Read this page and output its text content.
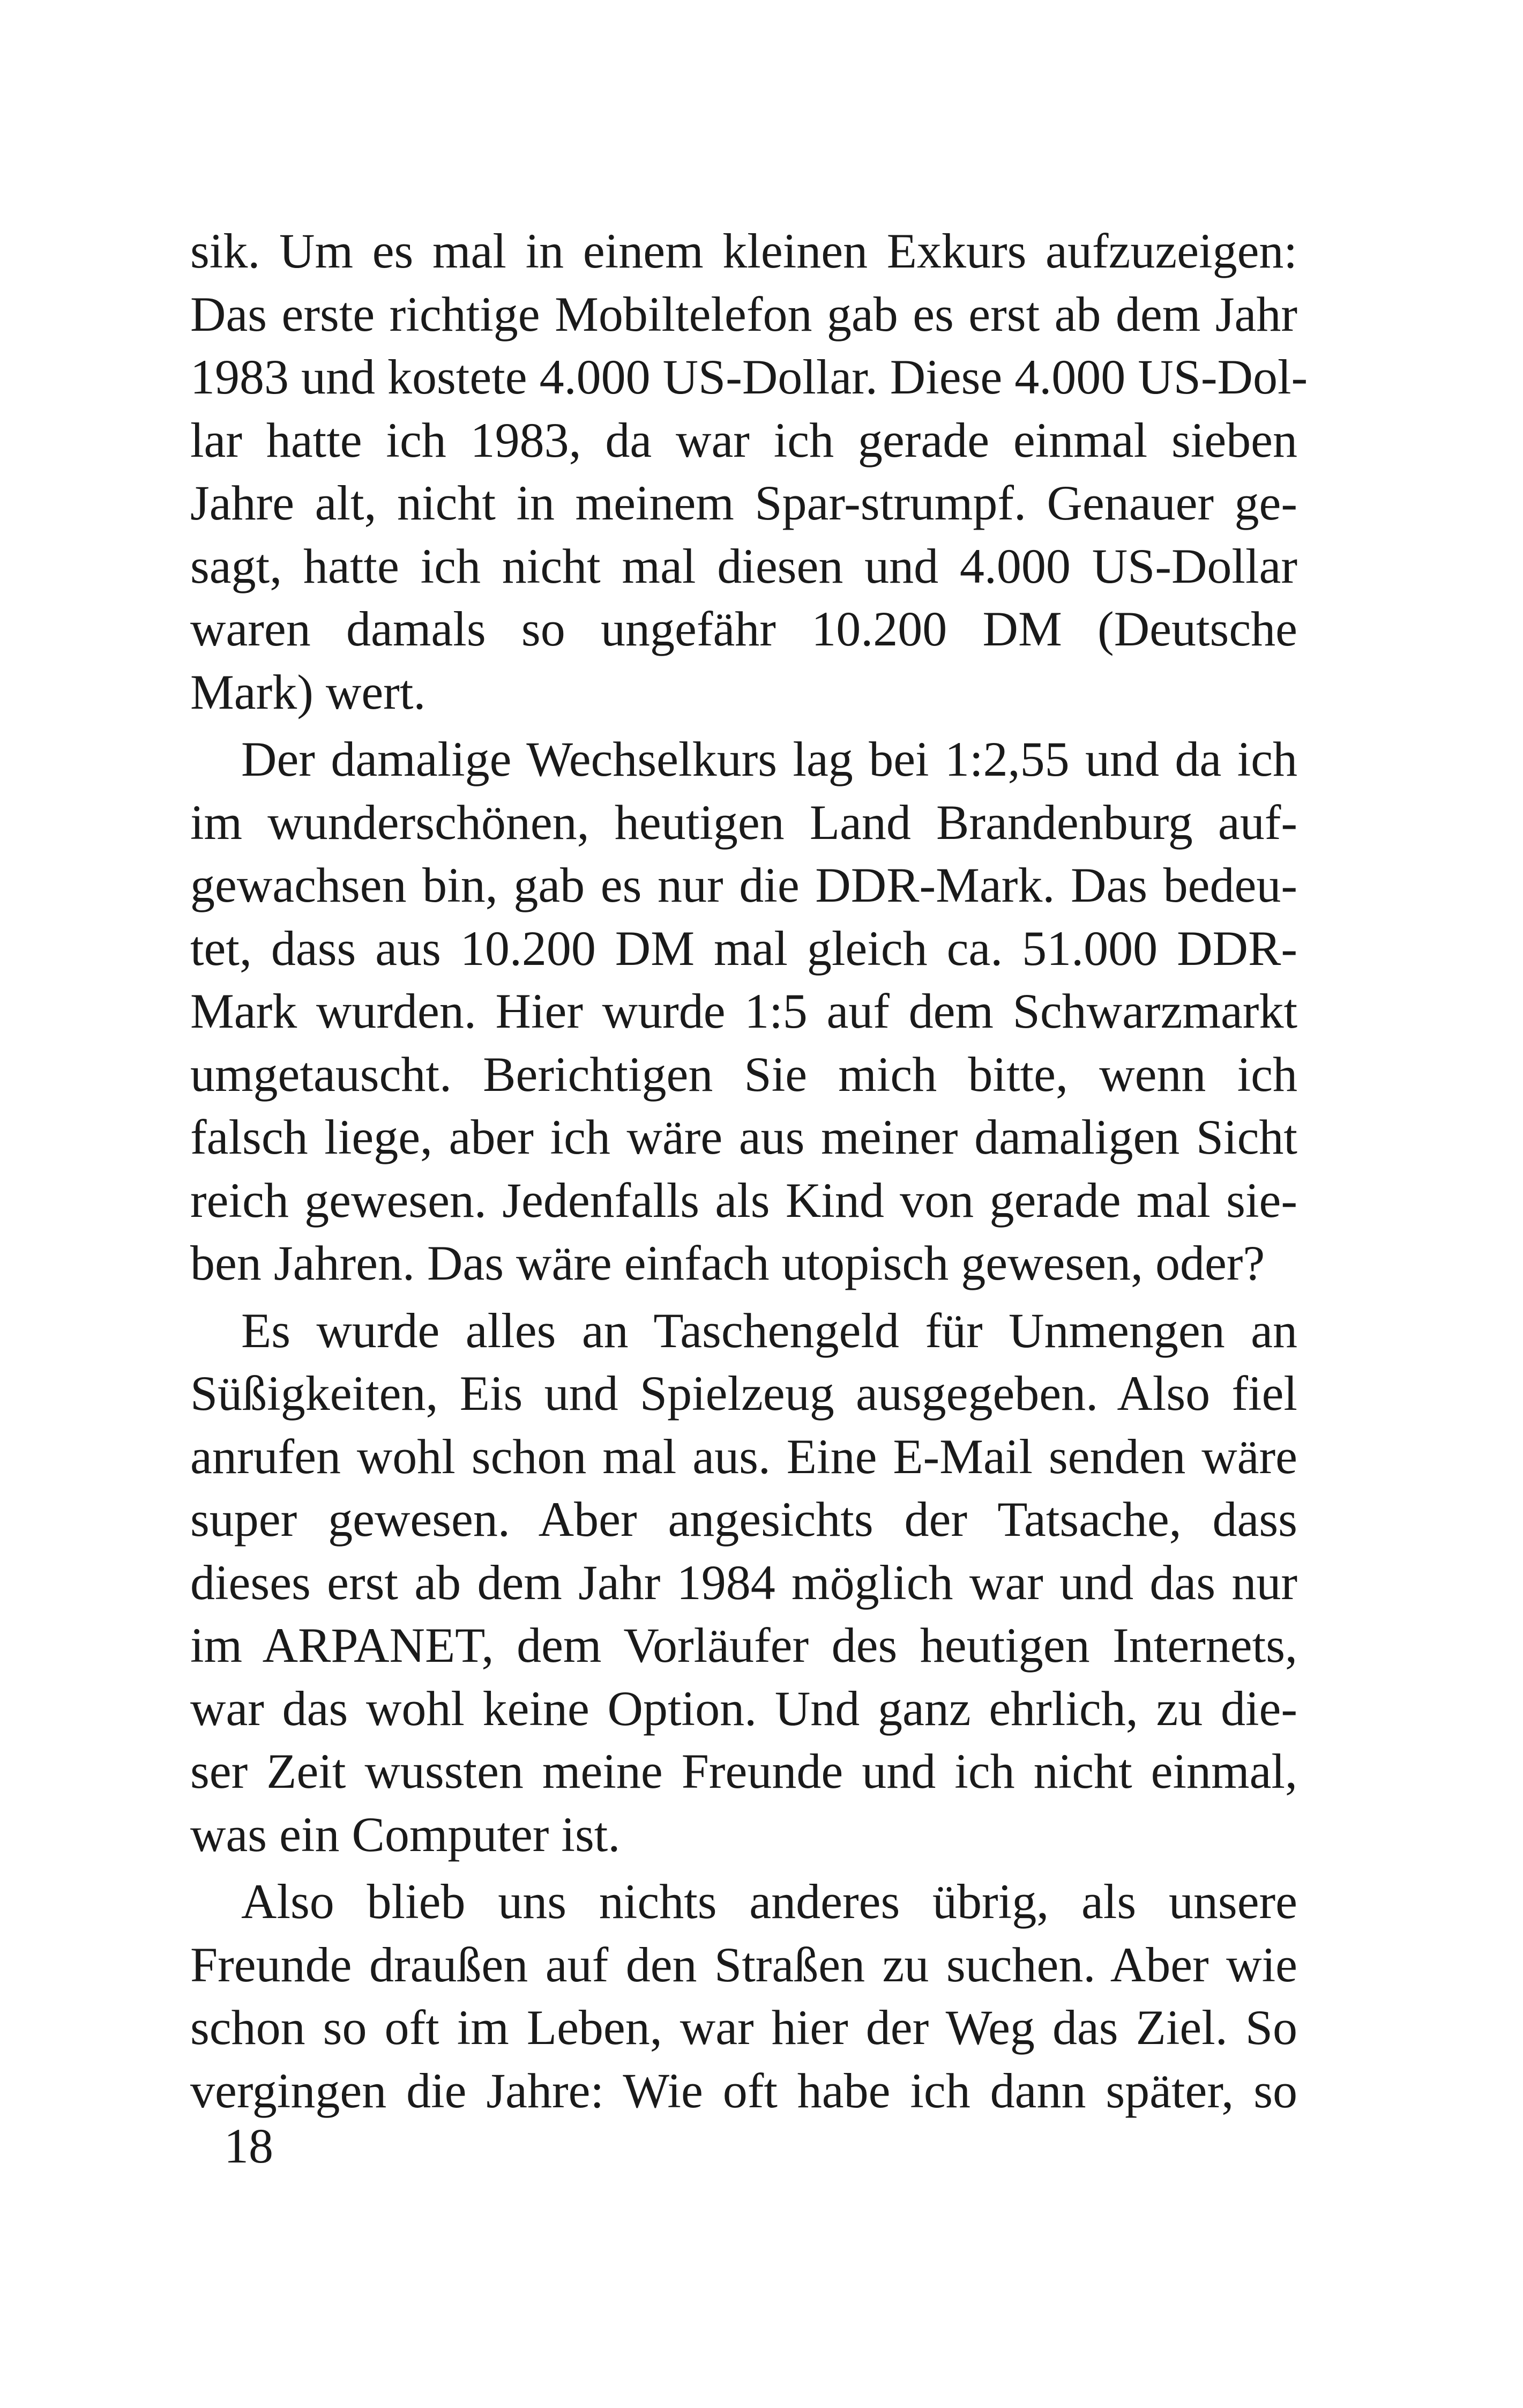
sik. Um es mal in einem kleinen Exkurs aufzuzeigen:
Das erste richtige Mobiltelefon gab es erst ab dem Jahr
1983 und kostete 4.000 US-Dollar. Diese 4.000 US-Dol-
lar hatte ich 1983, da war ich gerade einmal sieben
Jahre alt, nicht in meinem Spar-strumpf. Genauer ge-
sagt, hatte ich nicht mal diesen und 4.000 US-Dollar
waren damals so ungefähr 10.200 DM (Deutsche
Mark) wert.
Der damalige Wechselkurs lag bei 1:2,55 und da ich
im wunderschönen, heutigen Land Brandenburg auf-
gewachsen bin, gab es nur die DDR-Mark. Das bedeu-
tet, dass aus 10.200 DM mal gleich ca. 51.000 DDR-
Mark wurden. Hier wurde 1:5 auf dem Schwarzmarkt
umgetauscht. Berichtigen Sie mich bitte, wenn ich
falsch liege, aber ich wäre aus meiner damaligen Sicht
reich gewesen. Jedenfalls als Kind von gerade mal sie-
ben Jahren. Das wäre einfach utopisch gewesen, oder?
Es wurde alles an Taschengeld für Unmengen an
Süßigkeiten, Eis und Spielzeug ausgegeben. Also fiel
anrufen wohl schon mal aus. Eine E-Mail senden wäre
super gewesen. Aber angesichts der Tatsache, dass
dieses erst ab dem Jahr 1984 möglich war und das nur
im ARPANET, dem Vorläufer des heutigen Internets,
war das wohl keine Option. Und ganz ehrlich, zu die-
ser Zeit wussten meine Freunde und ich nicht einmal,
was ein Computer ist.
Also blieb uns nichts anderes übrig, als unsere
Freunde draußen auf den Straßen zu suchen. Aber wie
schon so oft im Leben, war hier der Weg das Ziel. So
vergingen die Jahre: Wie oft habe ich dann später, so
18
